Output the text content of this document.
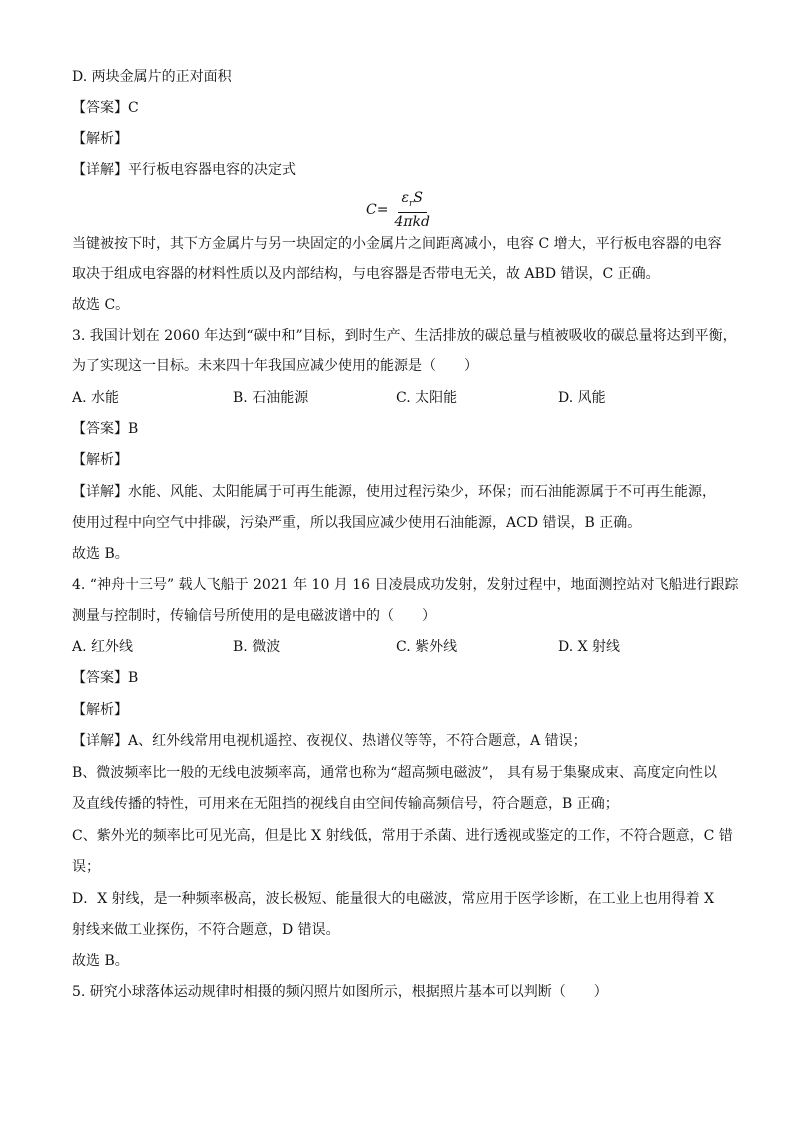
D. 两块金属片的正对面积
【答案】C
【解析】
【详解】平行板电容器电容的决定式
$C= \frac{\varepsilon_rS}{\text{4πkd}}$
当键被按下时，其下方金属片与另一块固定的小金属片之间距离减小，电容 C 增大，平行板电容器的电容
取决于组成电容器的材料性质以及内部结构，与电容器是否带电无关，故 ABD 错误，C 正确。
故选 C。
3. 我国计划在 2060 年达到“碳中和”目标，到时生产、生活排放的碳总量与植被吸收的碳总量将达到平衡，
为了实现这一目标。未来四十年我国应减少使用的能源是（　　）
A. 水能	B. 石油能源	C. 太阳能	D. 风能
【答案】B
【解析】
【详解】水能、风能、太阳能属于可再生能源，使用过程污染少，环保；而石油能源属于不可再生能源，
使用过程中向空气中排碳，污染严重，所以我国应减少使用石油能源，ACD 错误，B 正确。
故选 B。
4. “神舟十三号” 载人飞船于 2021 年 10 月 16 日凌晨成功发射，发射过程中，地面测控站对飞船进行跟踪
测量与控制时，传输信号所使用的是电磁波谱中的（　　）
A. 红外线	B. 微波	C. 紫外线	D. X 射线
【答案】B
【解析】
【详解】A、红外线常用电视机遥控、夜视仪、热谱仪等等，不符合题意，A 错误；
B、微波频率比一般的无线电波频率高，通常也称为“超高频电磁波”， 具有易于集聚成束、高度定向性以
及直线传播的特性，可用来在无阻挡的视线自由空间传输高频信号，符合题意，B 正确；
C、紫外光的频率比可见光高，但是比 X 射线低，常用于杀菌、进行透视或鉴定的工作，不符合题意，C 错
误；
D．X 射线，是一种频率极高，波长极短、能量很大的电磁波，常应用于医学诊断，在工业上也用得着 X
射线来做工业探伤，不符合题意，D 错误。
故选 B。
5. 研究小球落体运动规律时相摄的频闪照片如图所示，根据照片基本可以判断（　　）
